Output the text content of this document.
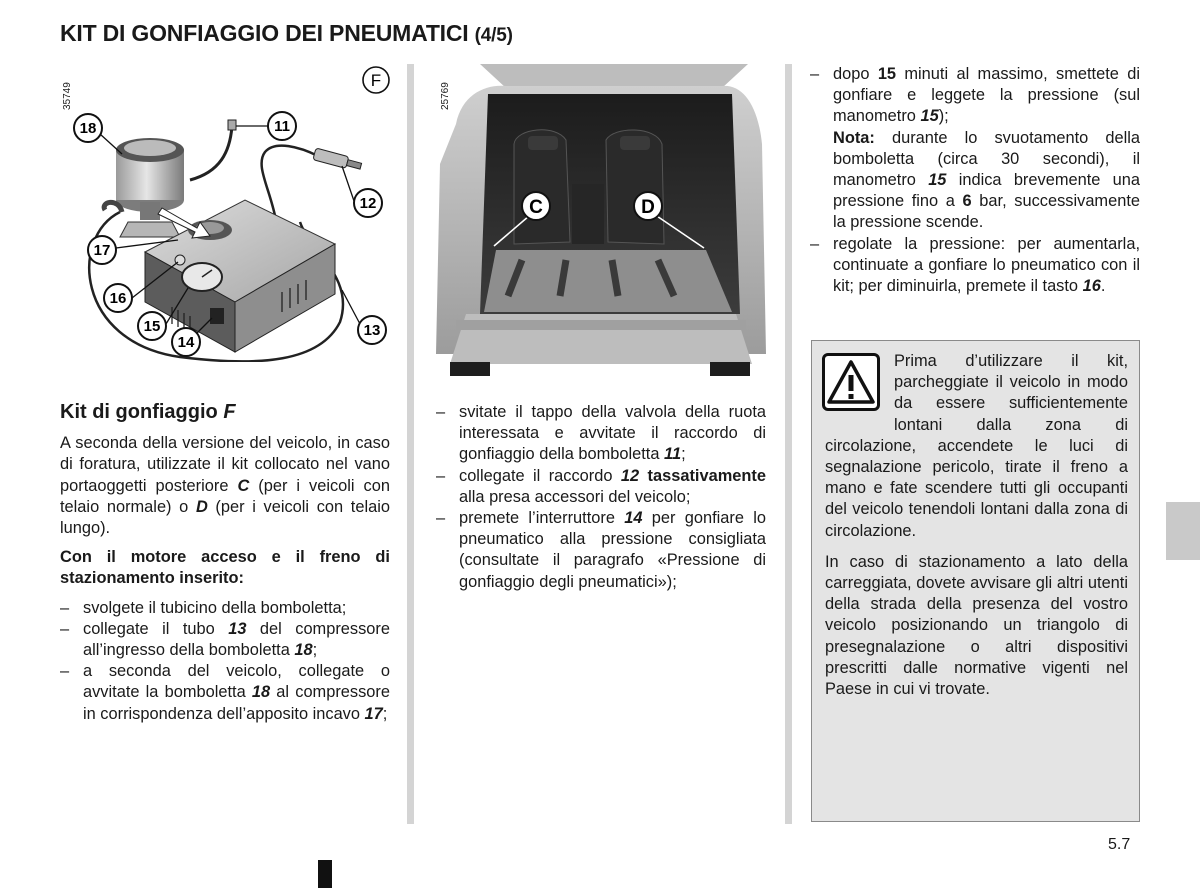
KIT DI GONFIAGGIO DEI PNEUMATICI (4/5)
35749
F
18	11
12
17
16
15
14
13
C	D
25769
Kit di gonfiaggio F

A seconda della versione del veicolo, in caso di foratura, utilizzate il kit collocato nel vano portaoggetti posteriore C (per i veicoli con telaio normale) o D (per i veicoli con telaio lungo).

Con il motore acceso e il freno di stazionamento inserito:

– svolgete il tubicino della bomboletta;
– collegate il tubo 13 del compressore all’ingresso della bomboletta 18;
– a seconda del veicolo, collegate o avvitate la bomboletta 18 al compressore in corrispondenza dell’apposito incavo 17;
– svitate il tappo della valvola della ruota interessata e avvitate il raccordo di gonfiaggio della bomboletta 11;
– collegate il raccordo 12 tassativamente alla presa accessori del veicolo;
– premete l’interruttore 14 per gonfiare lo pneumatico alla pressione consigliata (consultate il paragrafo «Pressione di gonfiaggio degli pneumatici»);
– dopo 15 minuti al massimo, smettete di gonfiare e leggete la pressione (sul manometro 15);
Nota: durante lo svuotamento della bomboletta (circa 30 secondi), il manometro 15 indica brevemente una pressione fino a 6 bar, successivamente la pressione scende.
– regolate la pressione: per aumentarla, continuate a gonfiare lo pneumatico con il kit; per diminuirla, premete il tasto 16.

Prima d’utilizzare il kit, parcheggiate il veicolo in modo da essere sufficientemente lontani dalla zona di circolazione, accendete le luci di segnalazione pericolo, tirate il freno a mano e fate scendere tutti gli occupanti del veicolo tenendoli lontani dalla zona di circolazione.

In caso di stazionamento a lato della carreggiata, dovete avvisare gli altri utenti della strada della presenza del vostro veicolo posizionando un triangolo di presegnalazione o altri dispositivi prescritti dalle normative vigenti nel Paese in cui vi trovate.

5.7
